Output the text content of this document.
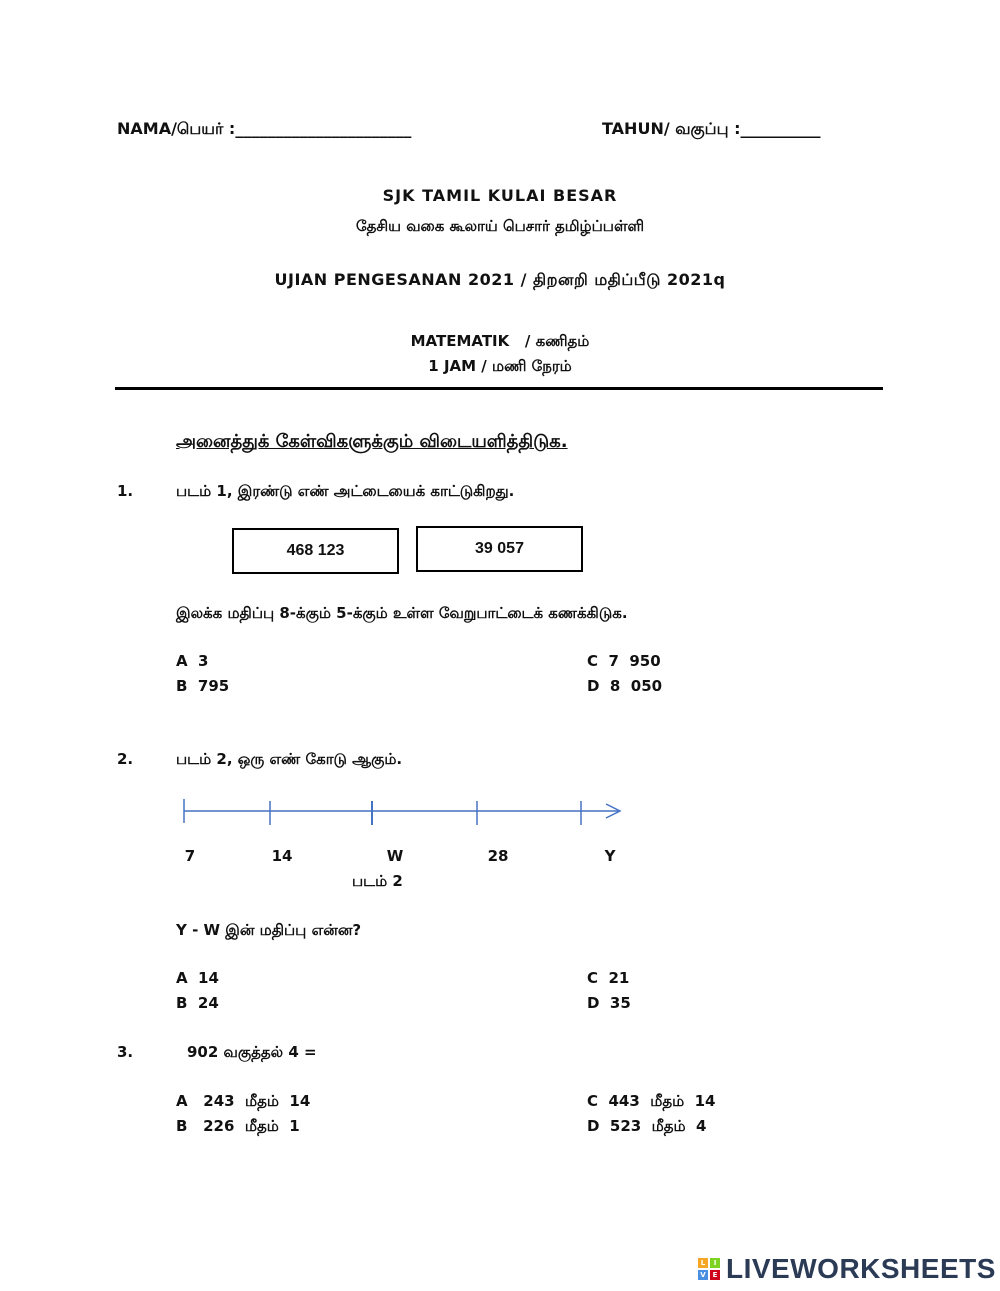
NAMA/பெயர் :______________________	TAHUN/ வகுப்பு :__________
SJK TAMIL KULAI BESAR
தேசிய வகை கூலாய் பெசார் தமிழ்ப்பள்ளி
UJIAN PENGESANAN 2021 / திறனறி மதிப்பீடு 2021q
MATEMATIK   / கணிதம்
1 JAM / மணி நேரம்
அனைத்துக் கேள்விகளுக்கும் விடையளித்திடுக.
1.	படம் 1, இரண்டு எண் அட்டையைக் காட்டுகிறது.
468 123	39 057
இலக்க மதிப்பு 8-க்கும் 5-க்கும் உள்ள வேறுபாட்டைக் கணக்கிடுக.
A  3
B  795
C  7  950
D  8  050
2.	படம் 2, ஒரு எண் கோடு ஆகும்.
7	14	W	28	Y
படம் 2
Y - W இன் மதிப்பு என்ன?
A  14
B  24
C  21
D  35
3.	902 வகுத்தல் 4 =
A   243  மீதம்  14
B   226  மீதம்  1
C  443  மீதம்  14
D  523  மீதம்  4
L	I
V E LIVEWORKSHEETS
